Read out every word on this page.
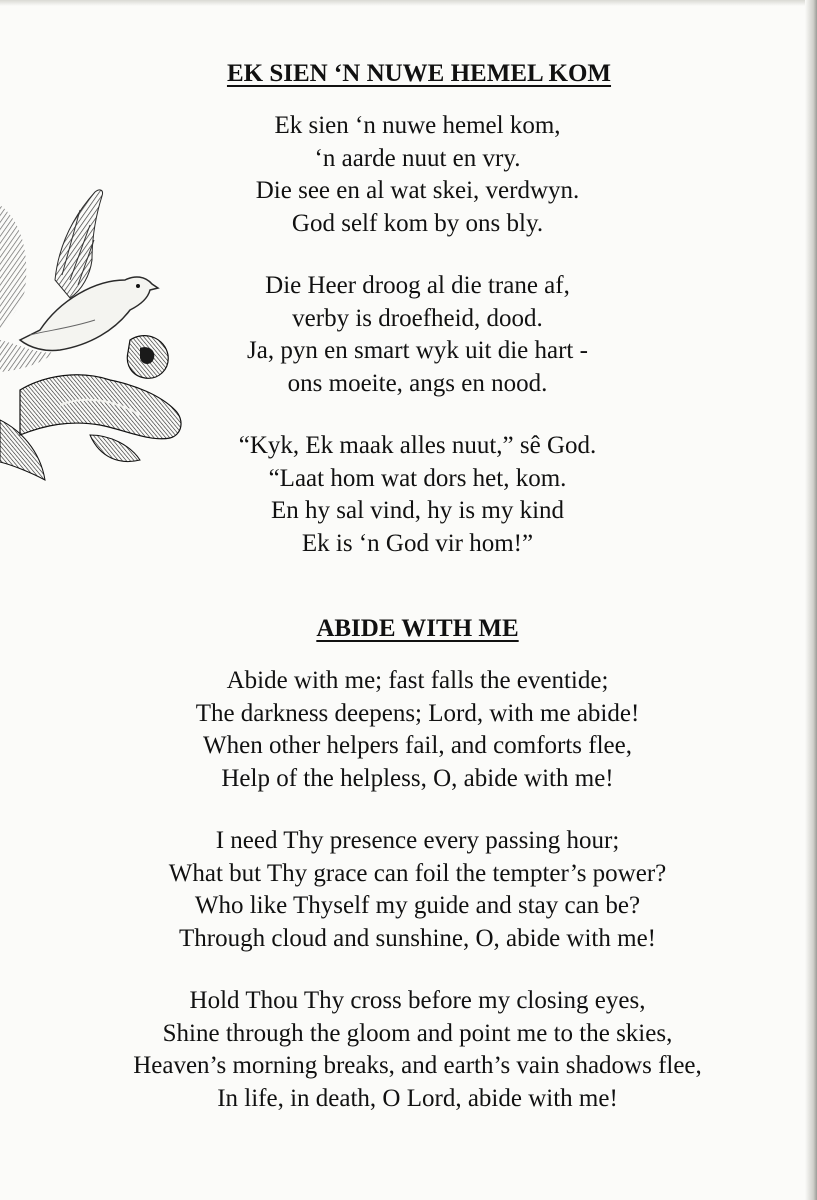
EK SIEN ‘N NUWE HEMEL KOM
Ek sien ‘n nuwe hemel kom,
‘n aarde nuut en vry.
Die see en al wat skei, verdwyn.
God self kom by ons bly.
Die Heer droog al die trane af,
verby is droefheid, dood.
Ja, pyn en smart wyk uit die hart -
ons moeite, angs en nood.
“Kyk, Ek maak alles nuut,” sê God.
“Laat hom wat dors het, kom.
En hy sal vind, hy is my kind
Ek is ‘n God vir hom!”
ABIDE WITH ME
Abide with me; fast falls the eventide;
The darkness deepens; Lord, with me abide!
When other helpers fail, and comforts flee,
Help of the helpless, O, abide with me!
I need Thy presence every passing hour;
What but Thy grace can foil the tempter’s power?
Who like Thyself my guide and stay can be?
Through cloud and sunshine, O, abide with me!
Hold Thou Thy cross before my closing eyes,
Shine through the gloom and point me to the skies,
Heaven’s morning breaks, and earth’s vain shadows flee,
In life, in death, O Lord, abide with me!
